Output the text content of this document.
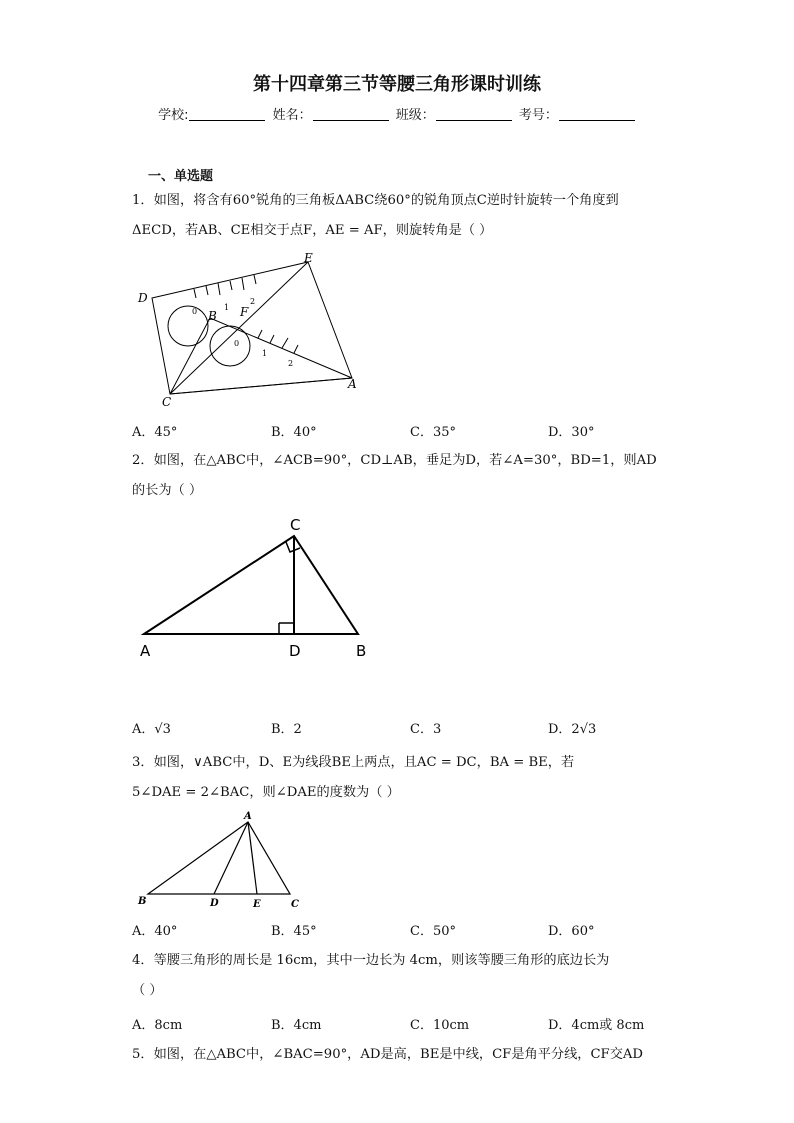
第十四章第三节等腰三角形课时训练
学校:	姓名：	班级：	考号：
一、单选题
1．如图，将含有60°锐角的三角板ΔABC绕60°的锐角顶点C逆时针旋转一个角度到
ΔECD，若AB、CE相交于点F，AE = AF，则旋转角是（ ）
D
E
B F
C
A
0	1
2
0
1
2
A．45°	B．40°	C．35°	D．30°
2．如图，在△ABC中，∠ACB=90°，CD⊥AB，垂足为D，若∠A=30°，BD=1，则AD
的长为（ ）
C
A	D	B
A．√3	B．2	C．3	D．2√3
3．如图，∨ABC中，D、E为线段BE上两点，且AC = DC，BA = BE，若
5∠DAE = 2∠BAC，则∠DAE的度数为（ ）
A
B	D	E	C
A．40°	B．45°	C．50°	D．60°
4．等腰三角形的周长是 16cm，其中一边长为 4cm，则该等腰三角形的底边长为
（ ）
A．8cm	B．4cm	C．10cm	D．4cm或 8cm
5．如图，在△ABC中，∠BAC=90°，AD是高，BE是中线，CF是角平分线，CF交AD
